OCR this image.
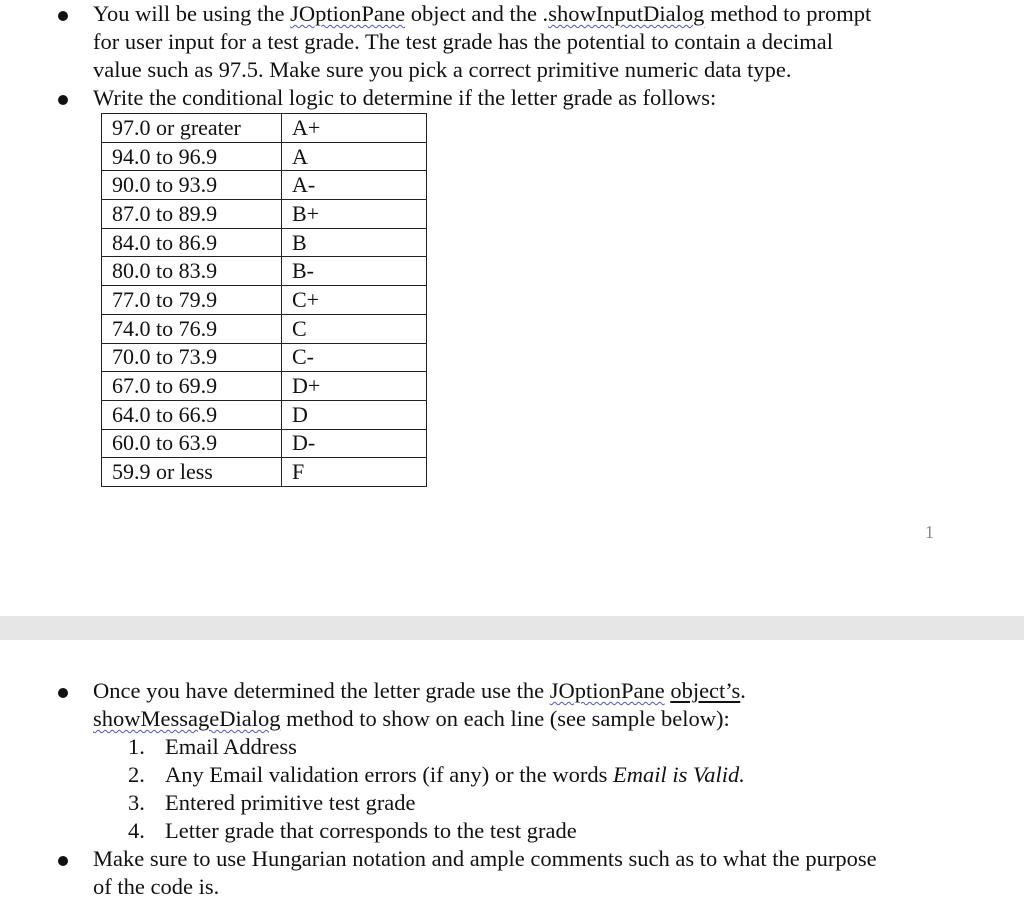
You will be using the JOptionPane object and the .showInputDialog method to prompt
for user input for a test grade. The test grade has the potential to contain a decimal
value such as 97.5. Make sure you pick a correct primitive numeric data type.
Write the conditional logic to determine if the letter grade as follows:
97.0 or greater	A+
94.0 to 96.9	A
90.0 to 93.9	A-
87.0 to 89.9	B+
84.0 to 86.9	B
80.0 to 83.9	B-
77.0 to 79.9	C+
74.0 to 76.9	C
70.0 to 73.9	C-
67.0 to 69.9	D+
64.0 to 66.9	D
60.0 to 63.9	D-
59.9 or less	F
1
Once you have determined the letter grade use the JOptionPane object’s.
showMessageDialog method to show on each line (see sample below):
1. Email Address
2. Any Email validation errors (if any) or the words Email is Valid.
3. Entered primitive test grade
4. Letter grade that corresponds to the test grade
Make sure to use Hungarian notation and ample comments such as to what the purpose
of the code is.
